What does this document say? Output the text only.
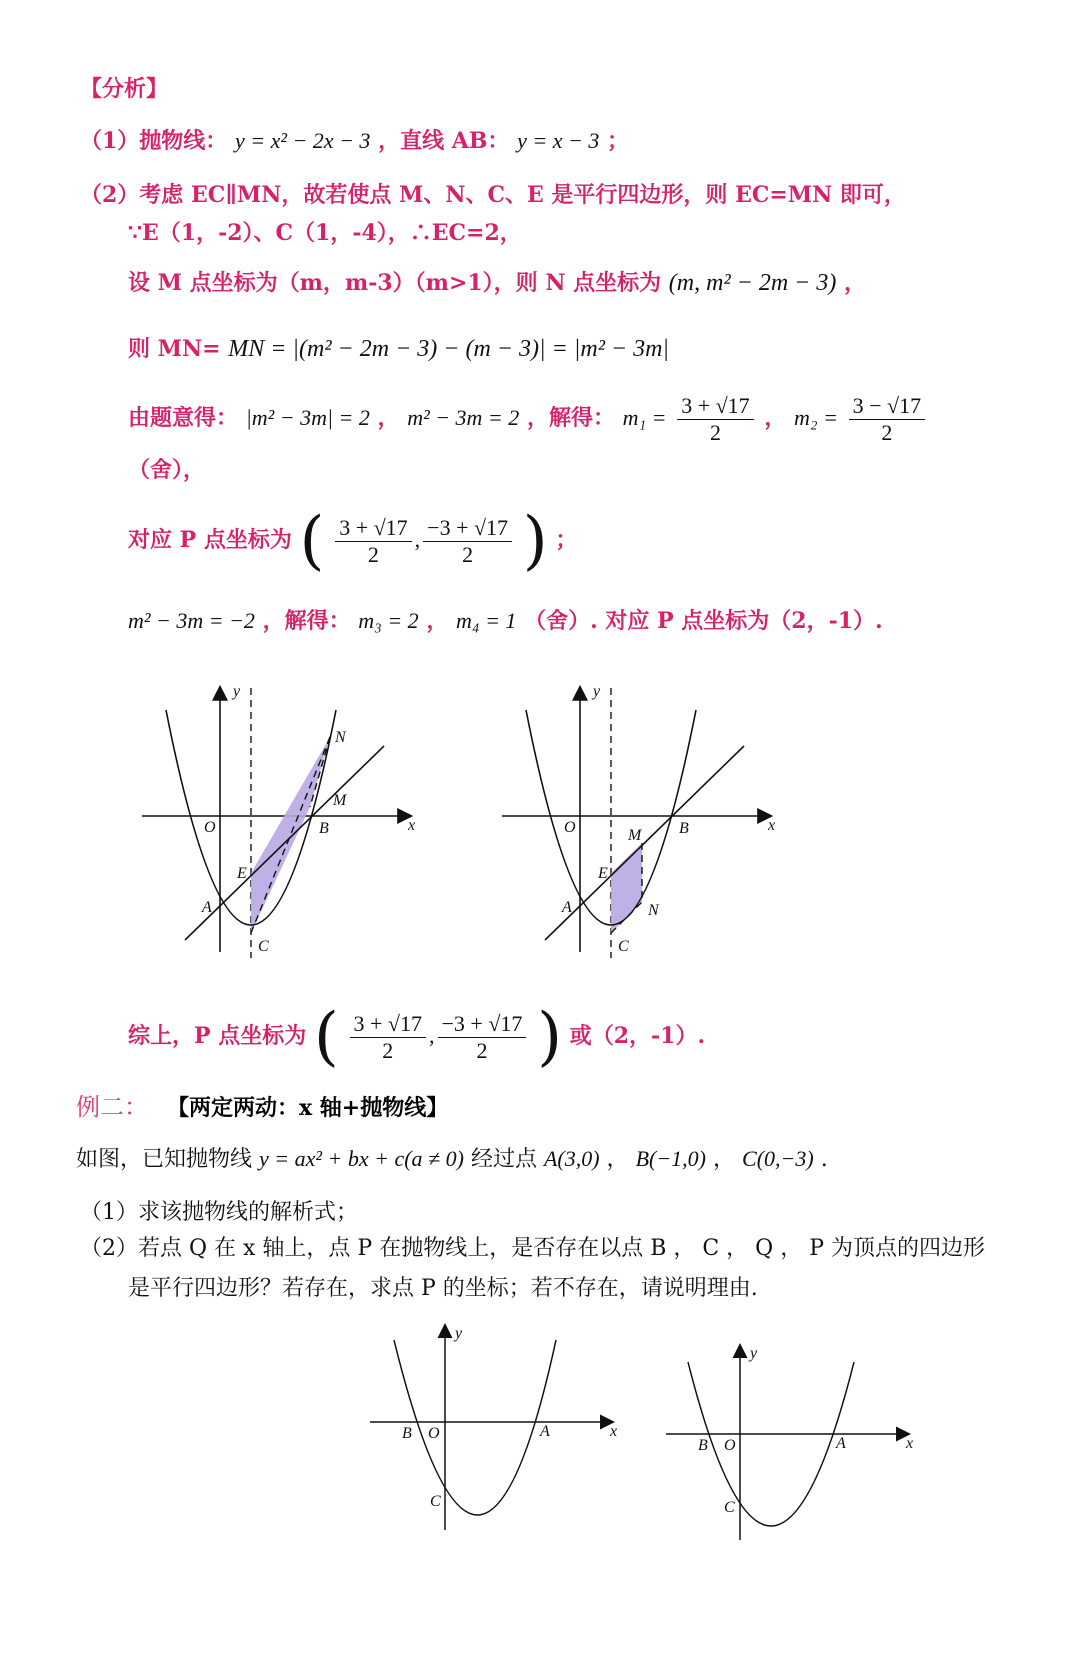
【分析】
（1）抛物线： y = x² − 2x − 3 ，直线 AB： y = x − 3 ；
（2）考虑 EC∥MN，故若使点 M、N、C、E 是平行四边形，则 EC=MN 即可，
∵E（1，-2）、C（1，-4），∴EC=2，
设 M 点坐标为（m，m-3）（m>1），则 N 点坐标为 (m, m² − 2m − 3) ，
则 MN= MN = |(m² − 2m − 3) − (m − 3)| = |m² − 3m|
由题意得： |m² − 3m| = 2 ， m² − 3m = 2 ，解得： $m_1 = \frac{3 + √17}{2}$ ， $m_2 = \frac{3 - √17}{2}$
（舍），
对应 P 点坐标为 ( $\frac{3 + √17}{2}$ , $\frac{-3 + √17}{2}$ ) ；
m² − 3m = −2 ，解得： m₃ = 2 ， m₄ = 1 （舍）. 对应 P 点坐标为（2，-1）.
y
x
O
A
B
C
E
M
N
y
x
O
A
B
C
E
M
N
综上，P 点坐标为 ( $\frac{3 + √17}{2}$ , $\frac{-3 + √17}{2}$ ) 或（2，-1）.
例二： 【两定两动：x 轴+抛物线】
如图，已知抛物线 y = ax² + bx + c(a ≠ 0) 经过点 A(3,0) ， B(−1,0) ， C(0,−3) .
（1）求该抛物线的解析式；
（2）若点 Q 在 x 轴上，点 P 在抛物线上，是否存在以点 B ， C ， Q ， P 为顶点的四边形
是平行四边形？若存在，求点 P 的坐标；若不存在，请说明理由.
y
x
B O	A
C
y
x
B O	A
C
